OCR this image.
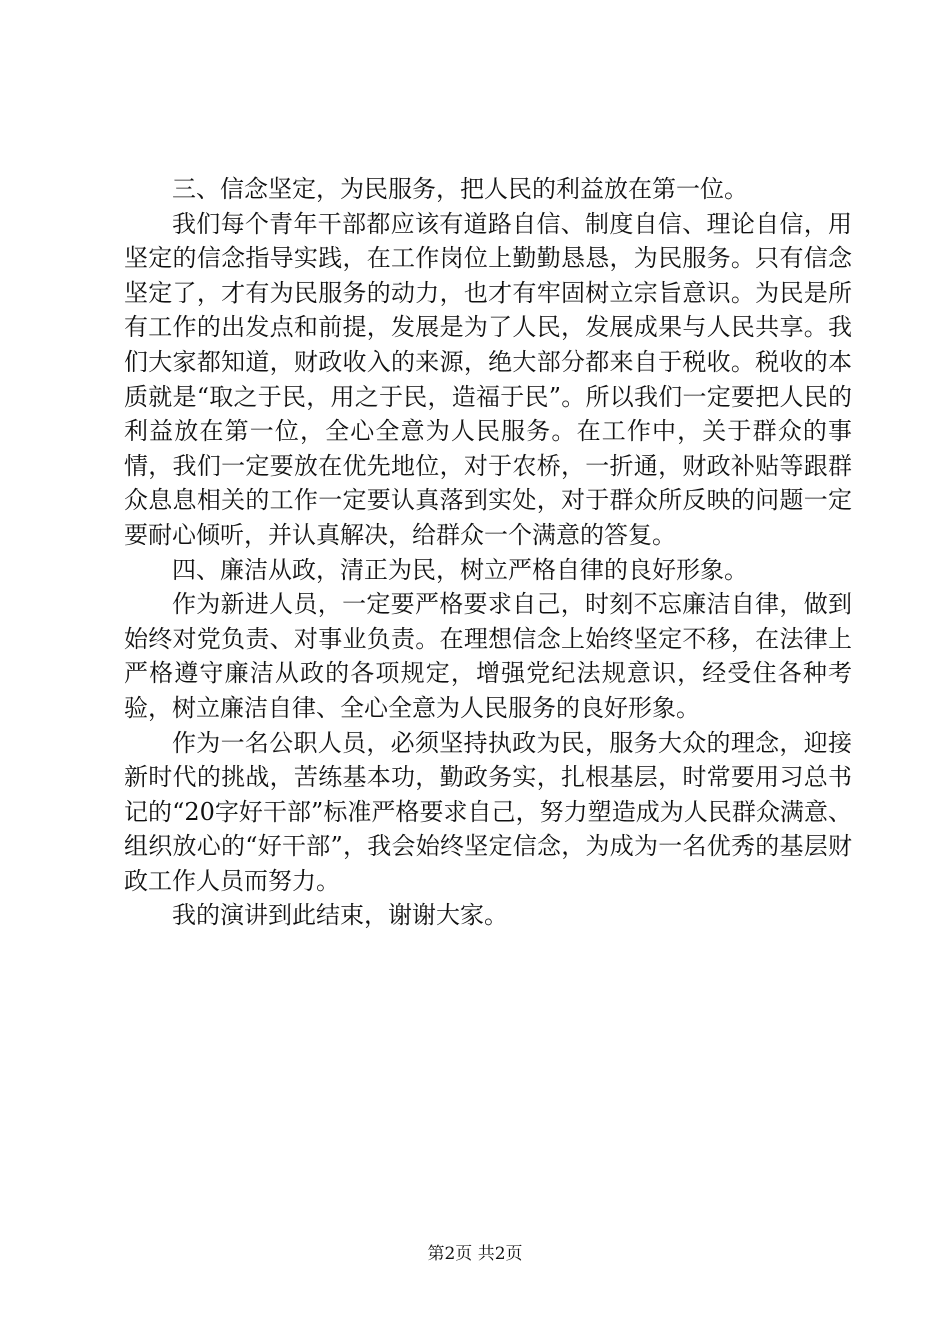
三、信念坚定，为民服务，把人民的利益放在第一位。

我们每个青年干部都应该有道路自信、制度自信、理论自信，用坚定的信念指导实践，在工作岗位上勤勤恳恳，为民服务。只有信念坚定了，才有为民服务的动力，也才有牢固树立宗旨意识。为民是所有工作的出发点和前提，发展是为了人民，发展成果与人民共享。我们大家都知道，财政收入的来源，绝大部分都来自于税收。税收的本质就是“取之于民，用之于民，造福于民”。所以我们一定要把人民的利益放在第一位，全心全意为人民服务。在工作中，关于群众的事情，我们一定要放在优先地位，对于农桥，一折通，财政补贴等跟群众息息相关的工作一定要认真落到实处，对于群众所反映的问题一定要耐心倾听，并认真解决，给群众一个满意的答复。

四、廉洁从政，清正为民，树立严格自律的良好形象。

作为新进人员，一定要严格要求自己，时刻不忘廉洁自律，做到始终对党负责、对事业负责。在理想信念上始终坚定不移，在法律上严格遵守廉洁从政的各项规定，增强党纪法规意识，经受住各种考验，树立廉洁自律、全心全意为人民服务的良好形象。

作为一名公职人员，必须坚持执政为民，服务大众的理念，迎接新时代的挑战，苦练基本功，勤政务实，扎根基层，时常要用习总书记的“20字好干部”标准严格要求自己，努力塑造成为人民群众满意、组织放心的“好干部”，我会始终坚定信念，为成为一名优秀的基层财政工作人员而努力。

我的演讲到此结束，谢谢大家。

第2页 共2页
